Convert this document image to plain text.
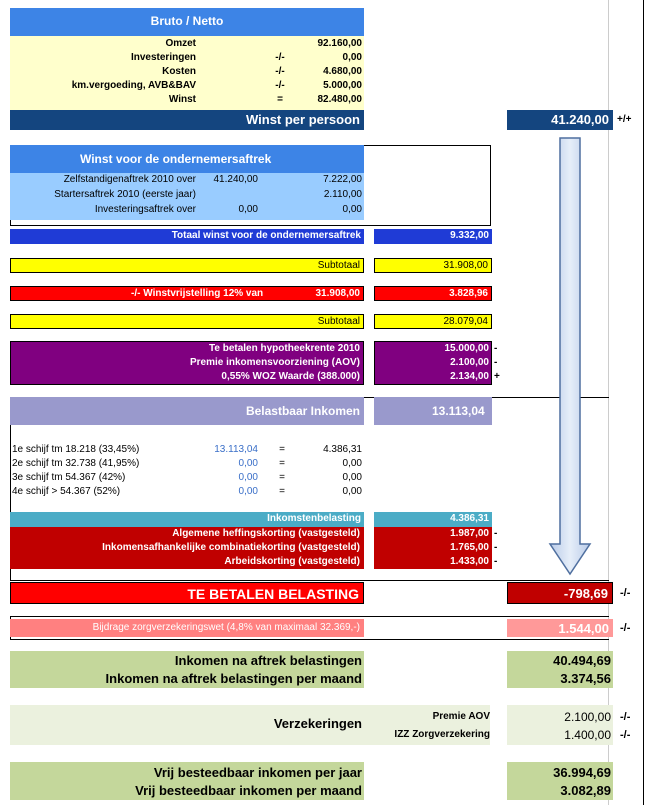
Bruto / Netto
Winst per persoon	41.240,00 +/+
Winst voor de ondernemersaftrek
Totaal winst voor de ondernemersaftrek	9.332,00
Subtotaal	31.908,00
-/- Winstvrijstelling 12% van	31.908,00	3.828,96
Subtotaal	28.079,04
Belastbaar Inkomen	13.113,04
Inkomstenbelasting	4.386,31
TE BETALEN BELASTING	-798,69 -/-
Bijdrage zorgverzekeringswet (4,8% van maximaal 32.369,-)	1.544,00 -/-
Inkomen na aftrek belastingen	40.494,69
Inkomen na aftrek belastingen per maand	3.374,56
Verzekeringen
Vrij besteedbaar inkomen per jaar	36.994,69
Vrij besteedbaar inkomen per maand	3.082,89
Omzet	92.160,00
Investeringen	-/-	0,00
Kosten	-/-	4.680,00
km.vergoeding, AVB&BAV	-/-	5.000,00
Winst	=	82.480,00
Zelfstandigenaftrek 2010 over	41.240,00	7.222,00
Startersaftrek 2010 (eerste jaar)	2.110,00
Investeringsaftrek over	0,00	0,00
Te betalen hypotheekrente 2010	15.000,00 -
Premie inkomensvoorziening (AOV)	2.100,00 -
0,55% WOZ Waarde (388.000)	2.134,00 +
1e schijf tm 18.218 (33,45%)	13.113,04	=	4.386,31
2e schijf tm 32.738 (41,95%)	0,00	=	0,00
3e schijf tm 54.367 (42%)	0,00	=	0,00
4e schijf > 54.367 (52%)	0,00	=	0,00
Algemene heffingskorting (vastgesteld)	1.987,00 -
Inkomensafhankelijke combinatiekorting (vastgesteld)	1.765,00 -
Arbeidskorting (vastgesteld)	1.433,00 -
Premie AOV	2.100,00 -/-
IZZ Zorgverzekering	1.400,00 -/-
